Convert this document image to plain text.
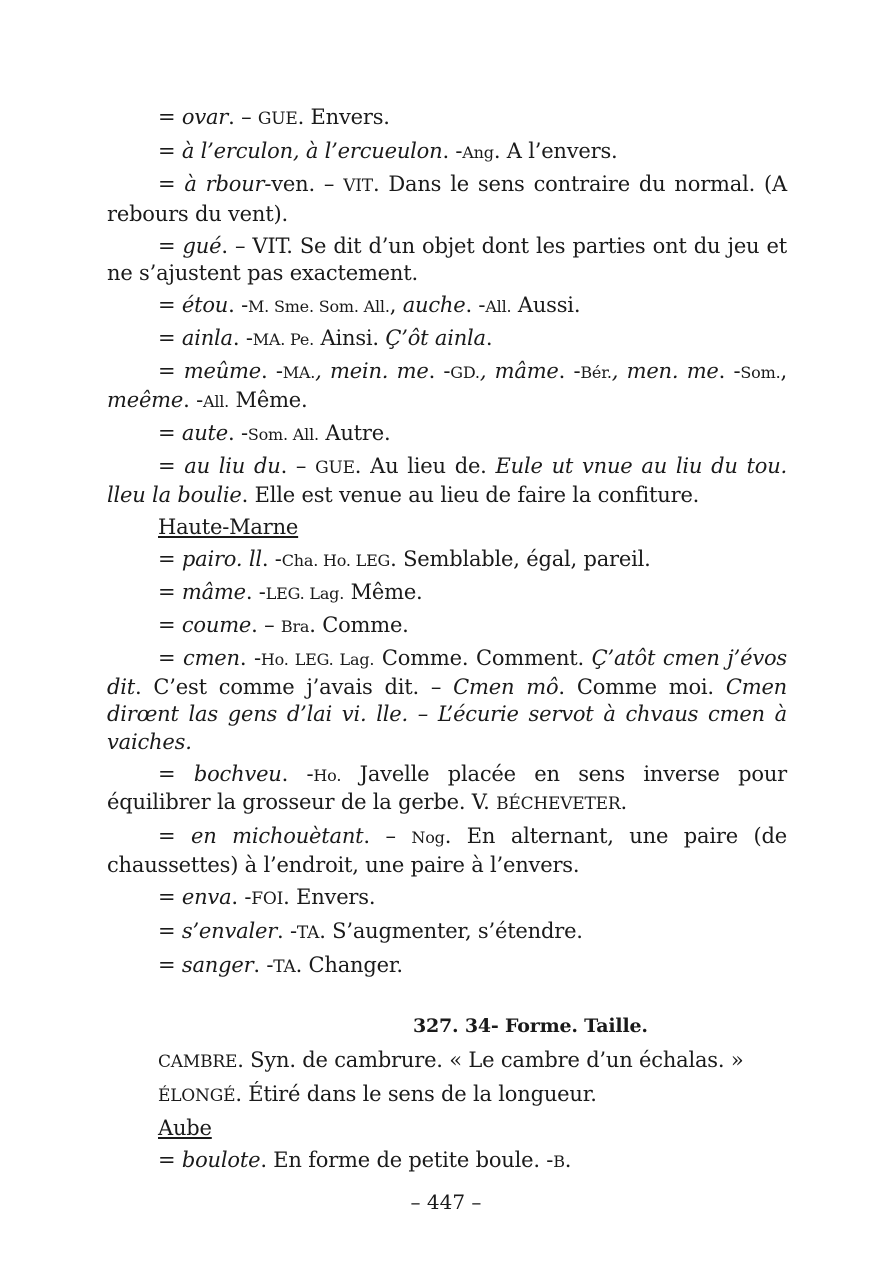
= ovar. – GUE. Envers.

= à l’erculon, à l’ercueulon. -Ang. A l’envers.

= à rbour-ven. – VIT. Dans le sens contraire du normal. (A rebours du vent).

= gué. – VIT. Se dit d’un objet dont les parties ont du jeu et ne s’ajustent pas exactement.

= étou. -M. Sme. Som. All., auche. -All. Aussi.

= ainla. -MA. Pe. Ainsi. Ç’ôt ainla.

= meûme. -MA., mein. me. -GD., mâme. -Bér., men. me. -Som., meême. -All. Même.

= aute. -Som. All. Autre.

= au liu du. – GUE. Au lieu de. Eule ut vnue au liu du tou. lleu la boulie. Elle est venue au lieu de faire la confiture.

Haute-Marne

= pairo. ll. -Cha. Ho. LEG. Semblable, égal, pareil.

= mâme. -LEG. Lag. Même.

= coume. – Bra. Comme.

= cmen. -Ho. LEG. Lag. Comme. Comment. Ç’atôt cmen j’évos dit. C’est comme j’avais dit. – Cmen mô. Comme moi. Cmen dirœnt las gens d’lai vi. lle. – L’écurie servot à chvaus cmen à vaiches.

= bochveu. -Ho. Javelle placée en sens inverse pour équilibrer la grosseur de la gerbe. V. BÉCHEVETER.

= en michouètant. – Nog. En alternant, une paire (de chaussettes) à l’endroit, une paire à l’envers.

= enva. -FOI. Envers.

= s’envaler. -TA. S’augmenter, s’étendre.

= sanger. -TA. Changer.

327. 34- Forme. Taille.

CAMBRE. Syn. de cambrure. « Le cambre d’un échalas. »

ÉLONGÉ. Étiré dans le sens de la longueur.

Aube

= boulote. En forme de petite boule. -B.

– 447 –
